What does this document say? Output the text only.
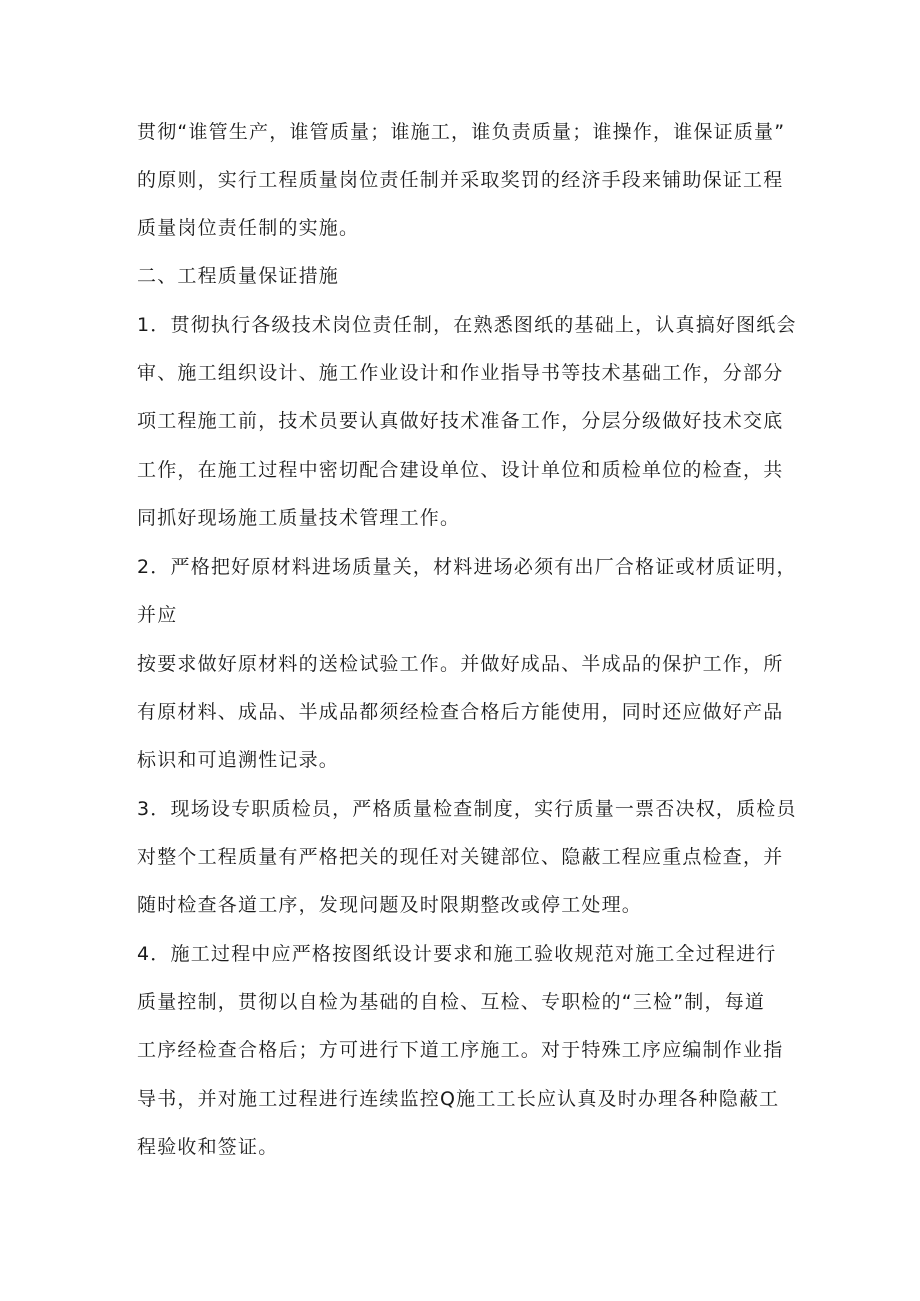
贯彻“谁管生产，谁管质量；谁施工，谁负责质量；谁操作，谁保证质量”
的原则，实行工程质量岗位责任制并采取奖罚的经济手段来铺助保证工程
质量岗位责任制的实施。
二、工程质量保证措施
1．贯彻执行各级技术岗位责任制，在熟悉图纸的基础上，认真搞好图纸会
审、施工组织设计、施工作业设计和作业指导书等技术基础工作，分部分
项工程施工前，技术员要认真做好技术准备工作，分层分级做好技术交底
工作，在施工过程中密切配合建设单位、设计单位和质检单位的检查，共
同抓好现场施工质量技术管理工作。
2．严格把好原材料进场质量关，材料进场必须有出厂合格证或材质证明，
并应
按要求做好原材料的送检试验工作。并做好成品、半成品的保护工作，所
有原材料、成品、半成品都须经检查合格后方能使用，同时还应做好产品
标识和可追溯性记录。
3．现场设专职质检员，严格质量检查制度，实行质量一票否决权，质检员
对整个工程质量有严格把关的现任对关键部位、隐蔽工程应重点检查，并
随时检查各道工序，发现问题及时限期整改或停工处理。
4．施工过程中应严格按图纸设计要求和施工验收规范对施工全过程进行
质量控制，贯彻以自检为基础的自检、互检、专职检的“三检”制，每道
工序经检查合格后；方可进行下道工序施工。对于特殊工序应编制作业指
导书，并对施工过程进行连续监控Q施工工长应认真及时办理各种隐蔽工
程验收和签证。
